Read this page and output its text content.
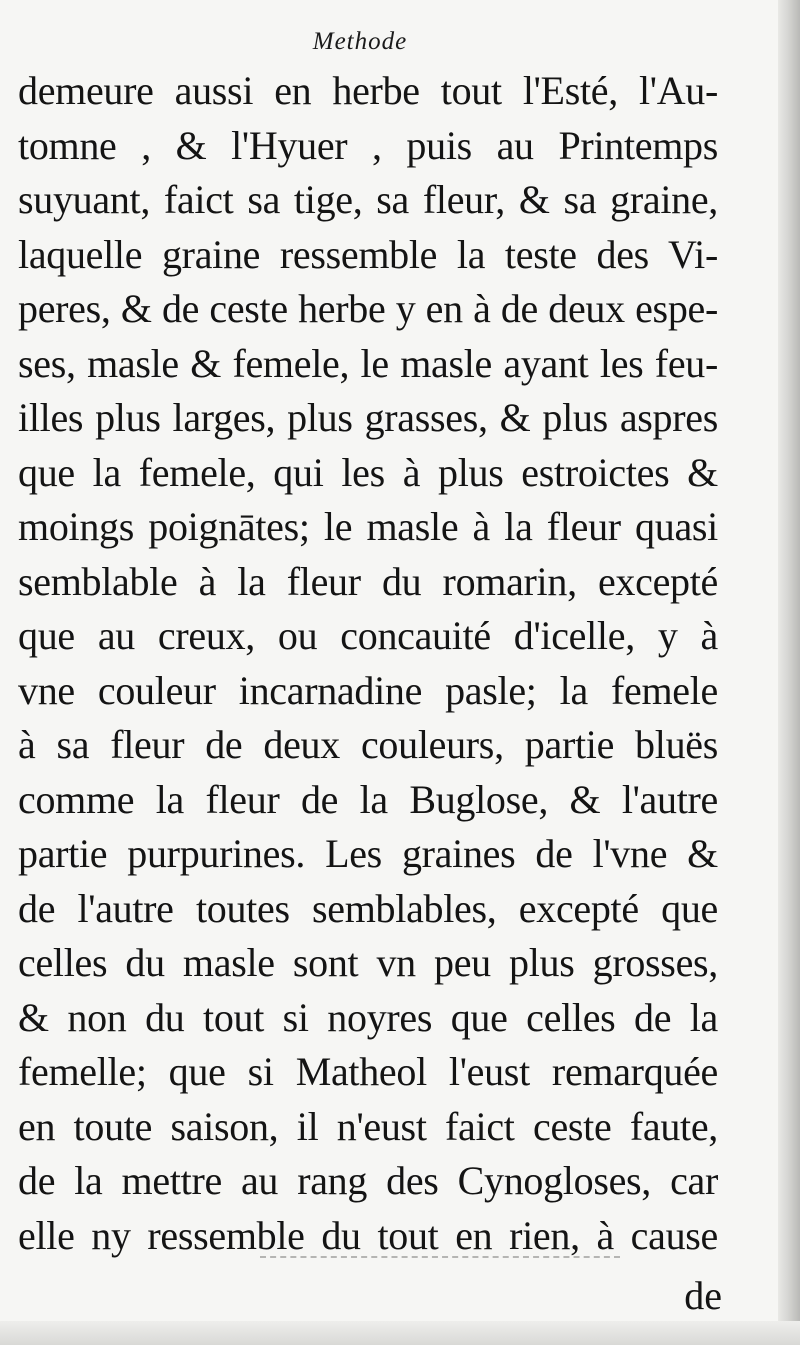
Methode
demeure aussi en herbe tout l'Esté, l'Au-
tomne , & l'Hyuer , puis au Printemps
suyuant, faict sa tige, sa fleur, & sa graine,
laquelle graine ressemble la teste des Vi-
peres, & de ceste herbe y en à de deux espe-
ses, masle & femele, le masle ayant les feu-
illes plus larges, plus grasses, & plus aspres
que la femele, qui les à plus estroictes &
moings poignātes; le masle à la fleur quasi
semblable à la fleur du romarin, excepté
que au creux, ou concauité d'icelle, y à
vne couleur incarnadine pasle; la femele
à sa fleur de deux couleurs, partie bluës
comme la fleur de la Buglose, & l'autre
partie purpurines. Les graines de l'vne &
de l'autre toutes semblables, excepté que
celles du masle sont vn peu plus grosses,
& non du tout si noyres que celles de la
femelle; que si Matheol l'eust remarquée
en toute saison, il n'eust faict ceste faute,
de la mettre au rang des Cynogloses, car
elle ny ressemble du tout en rien, à cause
de
